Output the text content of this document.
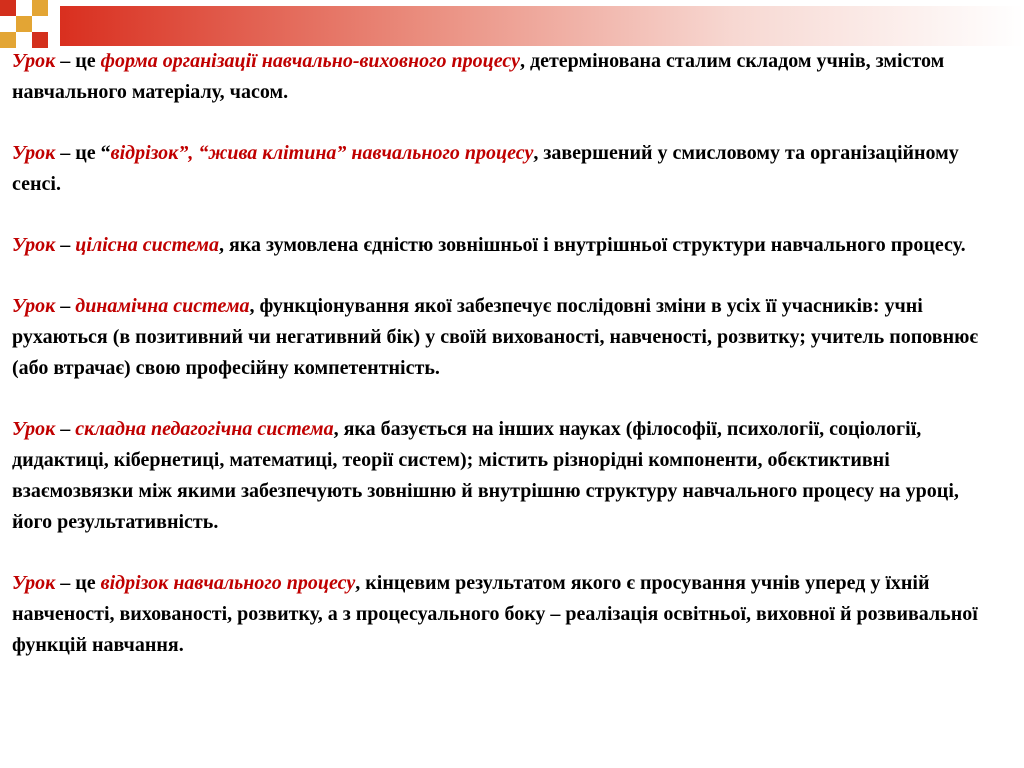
Урок – це форма організації навчально-виховного процесу, детермінована сталим складом учнів, змістом навчального матеріалу, часом.

Урок – це “відрізок”, “жива клітина” навчального процесу, завершений у смисловому та організаційному сенсі.

Урок – цілісна система, яка зумовлена єдністю зовнішньої і внутрішньої структури навчального процесу.

Урок – динамічна система, функціонування якої забезпечує послідовні зміни в усіх її учасників: учні рухаються (в позитивний чи негативний бік) у своїй вихованості, навченості, розвитку; учитель поповнює (або втрачає) свою професійну компетентність.

Урок – складна педагогічна система, яка базується на інших науках (філософії, психології, соціології, дидактиці, кібернетиці, математиці, теорії систем); містить різнорідні компоненти, обєктиктивні взаємозвязки між якими забезпечують зовнішню й внутрішню структуру навчального процесу на уроці, його результативність.

Урок – це відрізок навчального процесу, кінцевим результатом якого є просування учнів уперед у їхній навченості, вихованості, розвитку, а з процесуального боку – реалізація освітньої, виховної й розвивальної функцій навчання.
